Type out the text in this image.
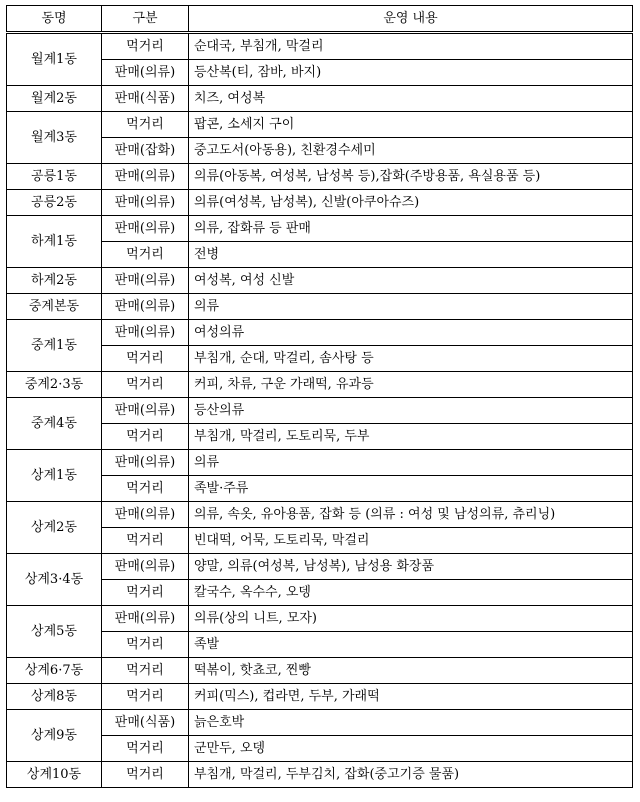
동명	구분	운영 내용
월계1동	먹거리	순대국, 부침개, 막걸리
	판매(의류)	등산복(티, 잠바, 바지)
월계2동	판매(식품)	치즈, 여성복
월계3동	먹거리	팝콘, 소세지 구이
	판매(잡화)	중고도서(아동용), 친환경수세미
공릉1동	판매(의류)	의류(아동복, 여성복, 남성복 등),잡화(주방용품, 욕실용품 등)
공릉2동	판매(의류)	의류(여성복, 남성복), 신발(아쿠아슈즈)
하계1동	판매(의류)	의류, 잡화류 등 판매
	먹거리	전병
하계2동	판매(의류)	여성복, 여성 신발
중계본동	판매(의류)	의류
중계1동	판매(의류)	여성의류
	먹거리	부침개, 순대, 막걸리, 솜사탕 등
중계2·3동	먹거리	커피, 차류, 구운 가래떡, 유과등
중계4동	판매(의류)	등산의류
	먹거리	부침개, 막걸리, 도토리묵, 두부
상계1동	판매(의류)	의류
	먹거리	족발·주류
상계2동	판매(의류)	의류, 속옷, 유아용품, 잡화 등 (의류 : 여성 및 남성의류, 츄리닝)
	먹거리	빈대떡, 어묵, 도토리묵, 막걸리
상계3·4동	판매(의류)	양말, 의류(여성복, 남성복), 남성용 화장품
	먹거리	칼국수, 옥수수, 오뎅
상계5동	판매(의류)	의류(상의 니트, 모자)
	먹거리	족발
상계6·7동	먹거리	떡볶이, 핫쵸코, 찐빵
상계8동	먹거리	커피(믹스), 컵라면, 두부, 가래떡
상계9동	판매(식품)	늙은호박
	먹거리	군만두, 오뎅
상계10동	먹거리	부침개, 막걸리, 두부김치, 잡화(중고기증 물품)
